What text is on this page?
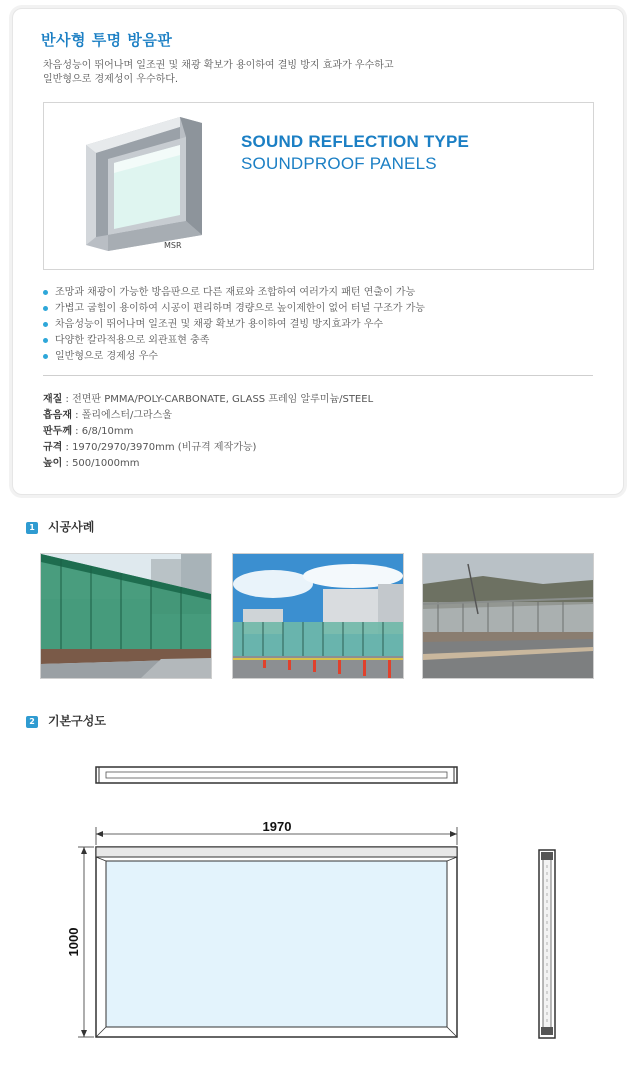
반사형 투명 방음판
차음성능이 뛰어나며 일조권 및 채광 확보가 용이하여 결빙 방지 효과가 우수하고
일반형으로 경제성이 우수하다.
MSR
SOUND REFLECTION TYPE
SOUNDPROOF PANELS
조망과 채광이 가능한 방음판으로 다른 재료와 조합하여 여러가지 패턴 연출이 가능
가볍고 굽힘이 용이하여 시공이 편리하며 경량으로 높이제한이 없어 터널 구조가 가능
차음성능이 뛰어나며 일조권 및 채광 확보가 용이하여 결빙 방지효과가 우수
다양한 칼라적용으로 외관표현 충족
일반형으로 경제성 우수
재질 : 전면판 PMMA/POLY-CARBONATE, GLASS 프레임 알루미늄/STEEL
흡음재 : 폴리에스터/그라스울
판두께 : 6/8/10mm
규격 : 1970/2970/3970mm (비규격 제작가능)
높이 : 500/1000mm
1 시공사례
2 기본구성도
1970
1000
